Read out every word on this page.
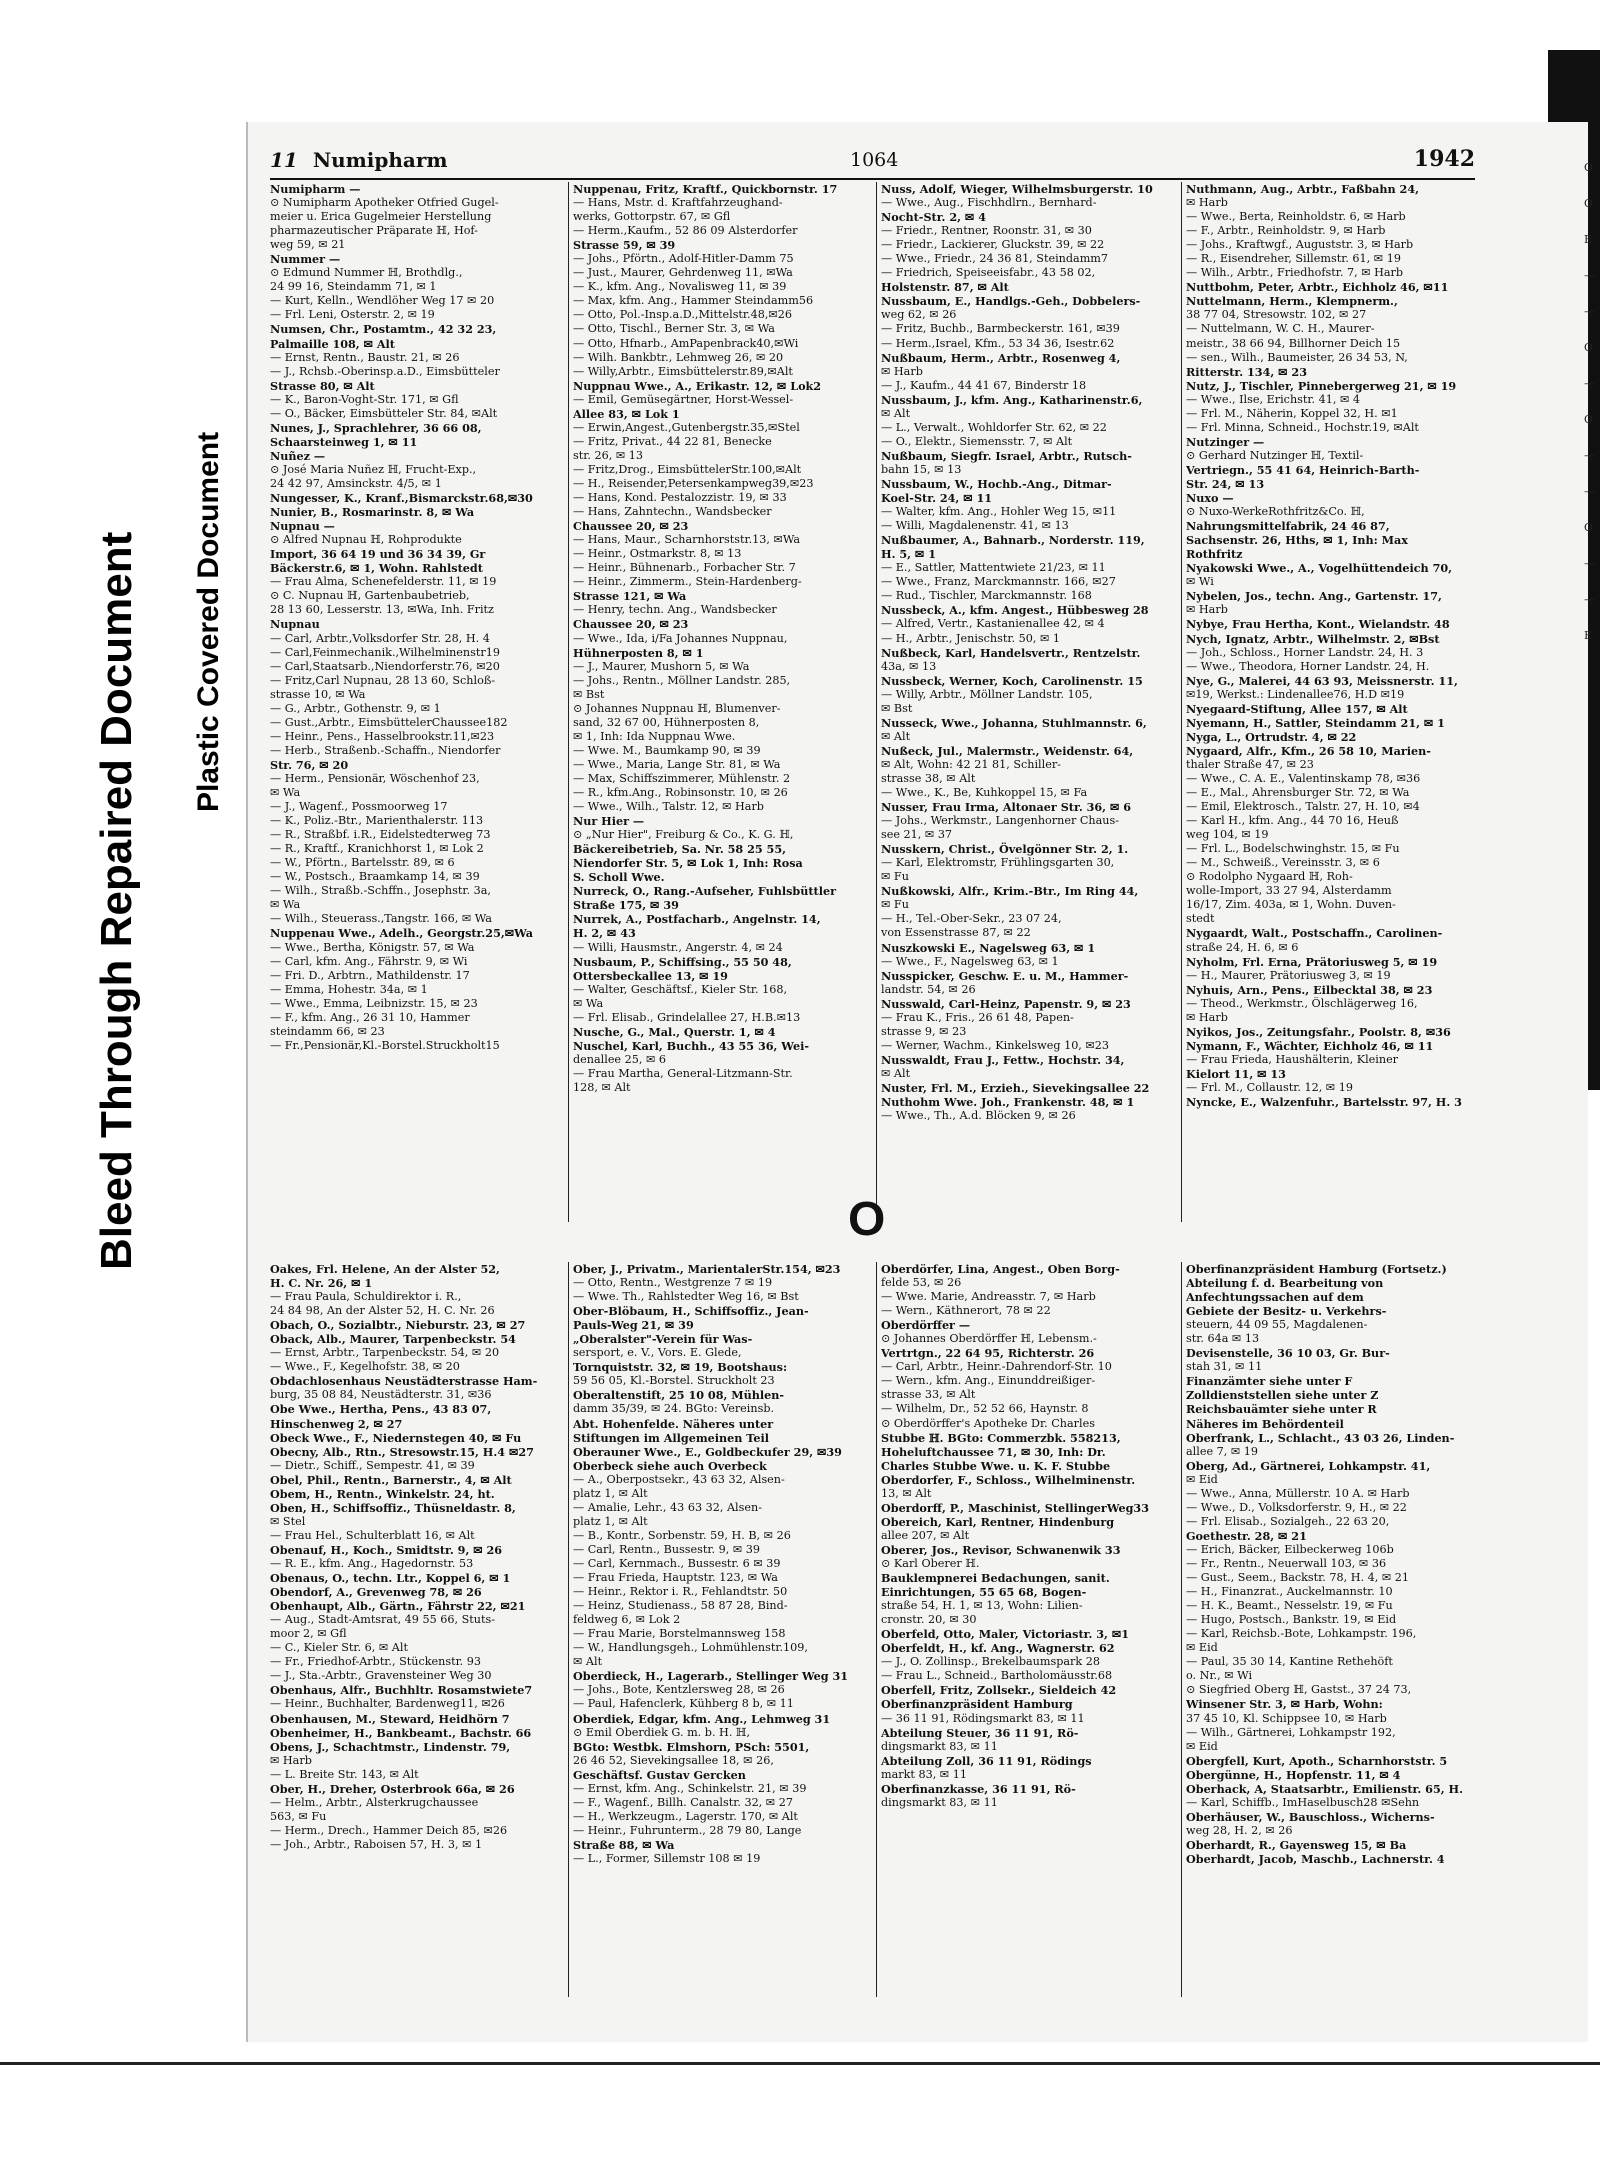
Bleed Through Repaired Document Plastic Covered Document
11 Numipharm	1064	1942
Numipharm —
⊙ Numipharm Apotheker Otfried Gugel-
meier u. Erica Gugelmeier Herstellung
pharmazeutischer Präparate ℍ, Hof-
weg 59, ✉ 21
Nummer —
⊙ Edmund Nummer ℍ, Brothdlg.,
24 99 16, Steindamm 71, ✉ 1
— Kurt, Kelln., Wendlöher Weg 17 ✉ 20
— Frl. Leni, Osterstr. 2, ✉ 19
Numsen, Chr., Postamtm., 42 32 23,
Palmaille 108, ✉ Alt
— Ernst, Rentn., Baustr. 21, ✉ 26
— J., Rchsb.-Oberinsp.a.D., Eimsbütteler
Strasse 80, ✉ Alt
— K., Baron-Voght-Str. 171, ✉ Gfl
— O., Bäcker, Eimsbütteler Str. 84, ✉Alt
Nunes, J., Sprachlehrer, 36 66 08,
Schaarsteinweg 1, ✉ 11
Nuñez —
⊙ José Maria Nuñez ℍ, Frucht-Exp.,
24 42 97, Amsinckstr. 4/5, ✉ 1
Nungesser, K., Kranf.,Bismarckstr.68,✉30
Nunier, B., Rosmarinstr. 8, ✉ Wa
Nupnau —
⊙ Alfred Nupnau ℍ, Rohprodukte
Import, 36 64 19 und 36 34 39, Gr
Bäckerstr.6, ✉ 1, Wohn. Rahlstedt
— Frau Alma, Schenefelderstr. 11, ✉ 19
⊙ C. Nupnau ℍ, Gartenbaubetrieb,
28 13 60, Lesserstr. 13, ✉Wa, Inh. Fritz
Nupnau
— Carl, Arbtr.,Volksdorfer Str. 28, H. 4
— Carl,Feinmechanik.,Wilhelminenstr19
— Carl,Staatsarb.,Niendorferstr.76, ✉20
— Fritz,Carl Nupnau, 28 13 60, Schloß-
strasse 10, ✉ Wa
— G., Arbtr., Gothenstr. 9, ✉ 1
— Gust.,Arbtr., EimsbüttelerChaussee182
— Heinr., Pens., Hasselbrookstr.11,✉23
— Herb., Straßenb.-Schaffn., Niendorfer
Str. 76, ✉ 20
— Herm., Pensionär, Wöschenhof 23,
✉ Wa
— J., Wagenf., Possmoorweg 17
— K., Poliz.-Btr., Marienthalerstr. 113
— R., Straßbf. i.R., Eidelstedterweg 73
— R., Kraftf., Kranichhorst 1, ✉ Lok 2
— W., Pförtn., Bartelsstr. 89, ✉ 6
— W., Postsch., Braamkamp 14, ✉ 39
— Wilh., Straßb.-Schffn., Josephstr. 3a,
✉ Wa
— Wilh., Steuerass.,Tangstr. 166, ✉ Wa
Nuppenau Wwe., Adelh., Georgstr.25,✉Wa
— Wwe., Bertha, Königstr. 57, ✉ Wa
— Carl, kfm. Ang., Fährstr. 9, ✉ Wi
— Fri. D., Arbtrn., Mathildenstr. 17
— Emma, Hohestr. 34a, ✉ 1
— Wwe., Emma, Leibnizstr. 15, ✉ 23
— F., kfm. Ang., 26 31 10, Hammer
steindamm 66, ✉ 23
— Fr.,Pensionär,Kl.-Borstel.Struckholt15
Nuppenau, Fritz, Kraftf., Quickbornstr. 17
— Hans, Mstr. d. Kraftfahrzeughand-
werks, Gottorpstr. 67, ✉ Gfl
— Herm.,Kaufm., 52 86 09 Alsterdorfer
Strasse 59, ✉ 39
— Johs., Pförtn., Adolf-Hitler-Damm 75
— Just., Maurer, Gehrdenweg 11, ✉Wa
— K., kfm. Ang., Novalisweg 11, ✉ 39
— Max, kfm. Ang., Hammer Steindamm56
— Otto, Pol.-Insp.a.D.,Mittelstr.48,✉26
— Otto, Tischl., Berner Str. 3, ✉ Wa
— Otto, Hfnarb., AmPapenbrack40,✉Wi
— Wilh. Bankbtr., Lehmweg 26, ✉ 20
— Willy,Arbtr., Eimsbüttelerstr.89,✉Alt
Nuppnau Wwe., A., Erikastr. 12, ✉ Lok2
— Emil, Gemüsegärtner, Horst-Wessel-
Allee 83, ✉ Lok 1
— Erwin,Angest.,Gutenbergstr.35,✉Stel
— Fritz, Privat., 44 22 81, Benecke
str. 26, ✉ 13
— Fritz,Drog., EimsbüttelerStr.100,✉Alt
— H., Reisender,Petersenkampweg39,✉23
— Hans, Kond. Pestalozzistr. 19, ✉ 33
— Hans, Zahntechn., Wandsbecker
Chaussee 20, ✉ 23
— Hans, Maur., Scharnhorststr.13, ✉Wa
— Heinr., Ostmarkstr. 8, ✉ 13
— Heinr., Bühnenarb., Forbacher Str. 7
— Heinr., Zimmerm., Stein-Hardenberg-
Strasse 121, ✉ Wa
— Henry, techn. Ang., Wandsbecker
Chaussee 20, ✉ 23
— Wwe., Ida, i/Fa Johannes Nuppnau,
Hühnerposten 8, ✉ 1
— J., Maurer, Mushorn 5, ✉ Wa
— Johs., Rentn., Möllner Landstr. 285,
✉ Bst
⊙ Johannes Nuppnau ℍ, Blumenver-
sand, 32 67 00, Hühnerposten 8,
✉ 1, Inh: Ida Nuppnau Wwe.
— Wwe. M., Baumkamp 90, ✉ 39
— Wwe., Maria, Lange Str. 81, ✉ Wa
— Max, Schiffszimmerer, Mühlenstr. 2
— R., kfm.Ang., Robinsonstr. 10, ✉ 26
— Wwe., Wilh., Talstr. 12, ✉ Harb
Nur Hier —
⊙ „Nur Hier", Freiburg & Co., K. G. ℍ,
Bäckereibetrieb, Sa. Nr. 58 25 55,
Niendorfer Str. 5, ✉ Lok 1, Inh: Rosa
S. Scholl Wwe.
Nurreck, O., Rang.-Aufseher, Fuhlsbüttler
Straße 175, ✉ 39
Nurrek, A., Postfacharb., Angelnstr. 14,
H. 2, ✉ 43
— Willi, Hausmstr., Angerstr. 4, ✉ 24
Nusbaum, P., Schiffsing., 55 50 48,
Ottersbeckallee 13, ✉ 19
— Walter, Geschäftsf., Kieler Str. 168,
✉ Wa
— Frl. Elisab., Grindelallee 27, H.B.✉13
Nusche, G., Mal., Querstr. 1, ✉ 4
Nuschel, Karl, Buchh., 43 55 36, Wei-
denallee 25, ✉ 6
— Frau Martha, General-Litzmann-Str.
128, ✉ Alt
Nuss, Adolf, Wieger, Wilhelmsburgerstr. 10
— Wwe., Aug., Fischhdlrn., Bernhard-
Nocht-Str. 2, ✉ 4
— Friedr., Rentner, Roonstr. 31, ✉ 30
— Friedr., Lackierer, Gluckstr. 39, ✉ 22
— Wwe., Friedr., 24 36 81, Steindamm7
— Friedrich, Speiseeisfabr., 43 58 02,
Holstenstr. 87, ✉ Alt
Nussbaum, E., Handlgs.-Geh., Dobbelers-
weg 62, ✉ 26
— Fritz, Buchb., Barmbeckerstr. 161, ✉39
— Herm.,Israel, Kfm., 53 34 36, Isestr.62
Nußbaum, Herm., Arbtr., Rosenweg 4,
✉ Harb
— J., Kaufm., 44 41 67, Binderstr 18
Nussbaum, J., kfm. Ang., Katharinenstr.6,
✉ Alt
— L., Verwalt., Wohldorfer Str. 62, ✉ 22
— O., Elektr., Siemensstr. 7, ✉ Alt
Nußbaum, Siegfr. Israel, Arbtr., Rutsch-
bahn 15, ✉ 13
Nussbaum, W., Hochb.-Ang., Ditmar-
Koel-Str. 24, ✉ 11
— Walter, kfm. Ang., Hohler Weg 15, ✉11
— Willi, Magdalenenstr. 41, ✉ 13
Nußbaumer, A., Bahnarb., Norderstr. 119,
H. 5, ✉ 1
— E., Sattler, Mattentwiete 21/23, ✉ 11
— Wwe., Franz, Marckmannstr. 166, ✉27
— Rud., Tischler, Marckmannstr. 168
Nussbeck, A., kfm. Angest., Hübbesweg 28
— Alfred, Vertr., Kastanienallee 42, ✉ 4
— H., Arbtr., Jenischstr. 50, ✉ 1
Nußbeck, Karl, Handelsvertr., Rentzelstr.
43a, ✉ 13
Nussbeck, Werner, Koch, Carolinenstr. 15
— Willy, Arbtr., Möllner Landstr. 105,
✉ Bst
Nusseck, Wwe., Johanna, Stuhlmannstr. 6,
✉ Alt
Nußeck, Jul., Malermstr., Weidenstr. 64,
✉ Alt, Wohn: 42 21 81, Schiller-
strasse 38, ✉ Alt
— Wwe., K., Be, Kuhkoppel 15, ✉ Fa
Nusser, Frau Irma, Altonaer Str. 36, ✉ 6
— Johs., Werkmstr., Langenhorner Chaus-
see 21, ✉ 37
Nusskern, Christ., Övelgönner Str. 2, 1.
— Karl, Elektromstr, Frühlingsgarten 30,
✉ Fu
Nußkowski, Alfr., Krim.-Btr., Im Ring 44,
✉ Fu
— H., Tel.-Ober-Sekr., 23 07 24,
von Essenstrasse 87, ✉ 22
Nuszkowski E., Nagelsweg 63, ✉ 1
— Wwe., F., Nagelsweg 63, ✉ 1
Nusspicker, Geschw. E. u. M., Hammer-
landstr. 54, ✉ 26
Nusswald, Carl-Heinz, Papenstr. 9, ✉ 23
— Frau K., Fris., 26 61 48, Papen-
strasse 9, ✉ 23
— Werner, Wachm., Kinkelsweg 10, ✉23
Nusswaldt, Frau J., Fettw., Hochstr. 34,
✉ Alt
Nuster, Frl. M., Erzieh., Sievekingsallee 22
Nuthohm Wwe. Joh., Frankenstr. 48, ✉ 1
— Wwe., Th., A.d. Blöcken 9, ✉ 26
Nuthmann, Aug., Arbtr., Faßbahn 24,
✉ Harb
— Wwe., Berta, Reinholdstr. 6, ✉ Harb
— F., Arbtr., Reinholdstr. 9, ✉ Harb
— Johs., Kraftwgf., Auguststr. 3, ✉ Harb
— R., Eisendreher, Sillemstr. 61, ✉ 19
— Wilh., Arbtr., Friedhofstr. 7, ✉ Harb
Nuttbohm, Peter, Arbtr., Eichholz 46, ✉11
Nuttelmann, Herm., Klempnerm.,
38 77 04, Stresowstr. 102, ✉ 27
— Nuttelmann, W. C. H., Maurer-
meistr., 38 66 94, Billhorner Deich 15
— sen., Wilh., Baumeister, 26 34 53, N,
Ritterstr. 134, ✉ 23
Nutz, J., Tischler, Pinnebergerweg 21, ✉ 19
— Wwe., Ilse, Erichstr. 41, ✉ 4
— Frl. M., Näherin, Koppel 32, H. ✉1
— Frl. Minna, Schneid., Hochstr.19, ✉Alt
Nutzinger —
⊙ Gerhard Nutzinger ℍ, Textil-
Vertriegn., 55 41 64, Heinrich-Barth-
Str. 24, ✉ 13
Nuxo —
⊙ Nuxo-WerkeRothfritz&Co. ℍ,
Nahrungsmittelfabrik, 24 46 87,
Sachsenstr. 26, Hths, ✉ 1, Inh: Max
Rothfritz
Nyakowski Wwe., A., Vogelhüttendeich 70,
✉ Wi
Nybelen, Jos., techn. Ang., Gartenstr. 17,
✉ Harb
Nybye, Frau Hertha, Kont., Wielandstr. 48
Nych, Ignatz, Arbtr., Wilhelmstr. 2, ✉Bst
— Joh., Schloss., Horner Landstr. 24, H. 3
— Wwe., Theodora, Horner Landstr. 24, H.
Nye, G., Malerei, 44 63 93, Meissnerstr. 11,
✉19, Werkst.: Lindenallee76, H.D ✉19
Nyegaard-Stiftung, Allee 157, ✉ Alt
Nyemann, H., Sattler, Steindamm 21, ✉ 1
Nyga, L., Ortrudstr. 4, ✉ 22
Nygaard, Alfr., Kfm., 26 58 10, Marien-
thaler Straße 47, ✉ 23
— Wwe., C. A. E., Valentinskamp 78, ✉36
— E., Mal., Ahrensburger Str. 72, ✉ Wa
— Emil, Elektrosch., Talstr. 27, H. 10, ✉4
— Karl H., kfm. Ang., 44 70 16, Heuß
weg 104, ✉ 19
— Frl. L., Bodelschwinghstr. 15, ✉ Fu
— M., Schweiß., Vereinsstr. 3, ✉ 6
⊙ Rodolpho Nygaard ℍ, Roh-
wolle-Import, 33 27 94, Alsterdamm
16/17, Zim. 403a, ✉ 1, Wohn. Duven-
stedt
Nygaardt, Walt., Postschaffn., Carolinen-
straße 24, H. 6, ✉ 6
Nyholm, Frl. Erna, Prätoriusweg 5, ✉ 19
— H., Maurer, Prätoriusweg 3, ✉ 19
Nyhuis, Arn., Pens., Eilbecktal 38, ✉ 23
— Theod., Werkmstr., Ölschlägerweg 16,
✉ Harb
Nyikos, Jos., Zeitungsfahr., Poolstr. 8, ✉36
Nymann, F., Wächter, Eichholz 46, ✉ 11
— Frau Frieda, Haushälterin, Kleiner
Kielort 11, ✉ 13
— Frl. M., Collaustr. 12, ✉ 19
Nyncke, E., Walzenfuhr., Bartelsstr. 97, H. 3
O
Oakes, Frl. Helene, An der Alster 52,
H. C. Nr. 26, ✉ 1
— Frau Paula, Schuldirektor i. R.,
24 84 98, An der Alster 52, H. C. Nr. 26
Obach, O., Sozialbtr., Nieburstr. 23, ✉ 27
Oback, Alb., Maurer, Tarpenbeckstr. 54
— Ernst, Arbtr., Tarpenbeckstr. 54, ✉ 20
— Wwe., F., Kegelhofstr. 38, ✉ 20
Obdachlosenhaus Neustädterstrasse Ham-
burg, 35 08 84, Neustädterstr. 31, ✉36
Obe Wwe., Hertha, Pens., 43 83 07,
Hinschenweg 2, ✉ 27
Obeck Wwe., F., Niedernstegen 40, ✉ Fu
Obecny, Alb., Rtn., Stresowstr.15, H.4 ✉27
— Dietr., Schiff., Sempestr. 41, ✉ 39
Obel, Phil., Rentn., Barnerstr., 4, ✉ Alt
Obem, H., Rentn., Winkelstr. 24, ht.
Oben, H., Schiffsoffiz., Thüsneldastr. 8,
✉ Stel
— Frau Hel., Schulterblatt 16, ✉ Alt
Obenauf, H., Koch., Smidtstr. 9, ✉ 26
— R. E., kfm. Ang., Hagedornstr. 53
Obenaus, O., techn. Ltr., Koppel 6, ✉ 1
Obendorf, A., Grevenweg 78, ✉ 26
Obenhaupt, Alb., Gärtn., Fährstr 22, ✉21
— Aug., Stadt-Amtsrat, 49 55 66, Stuts-
moor 2, ✉ Gfl
— C., Kieler Str. 6, ✉ Alt
— Fr., Friedhof-Arbtr., Stückenstr. 93
— J., Sta.-Arbtr., Gravensteiner Weg 30
Obenhaus, Alfr., Buchhltr. Rosamstwiete7
— Heinr., Buchhalter, Bardenweg11, ✉26
Obenhausen, M., Steward, Heidhörn 7
Obenheimer, H., Bankbeamt., Bachstr. 66
Obens, J., Schachtmstr., Lindenstr. 79,
✉ Harb
— L. Breite Str. 143, ✉ Alt
Ober, H., Dreher, Osterbrook 66a, ✉ 26
— Helm., Arbtr., Alsterkrugchaussee
563, ✉ Fu
— Herm., Drech., Hammer Deich 85, ✉26
— Joh., Arbtr., Raboisen 57, H. 3, ✉ 1
Ober, J., Privatm., MarientalerStr.154, ✉23
— Otto, Rentn., Westgrenze 7 ✉ 19
— Wwe. Th., Rahlstedter Weg 16, ✉ Bst
Ober-Blöbaum, H., Schiffsoffiz., Jean-
Pauls-Weg 21, ✉ 39
„Oberalster"-Verein für Was-
sersport, e. V., Vors. E. Glede,
Tornquiststr. 32, ✉ 19, Bootshaus:
59 56 05, Kl.-Borstel. Struckholt 23
Oberaltenstift, 25 10 08, Mühlen-
damm 35/39, ✉ 24. BGto: Vereinsb.
Abt. Hohenfelde. Näheres unter
Stiftungen im Allgemeinen Teil
Oberauner Wwe., E., Goldbeckufer 29, ✉39
Oberbeck siehe auch Overbeck
— A., Oberpostsekr., 43 63 32, Alsen-
platz 1, ✉ Alt
— Amalie, Lehr., 43 63 32, Alsen-
platz 1, ✉ Alt
— B., Kontr., Sorbenstr. 59, H. B, ✉ 26
— Carl, Rentn., Bussestr. 9, ✉ 39
— Carl, Kernmach., Bussestr. 6 ✉ 39
— Frau Frieda, Hauptstr. 123, ✉ Wa
— Heinr., Rektor i. R., Fehlandtstr. 50
— Heinz, Studienass., 58 87 28, Bind-
feldweg 6, ✉ Lok 2
— Frau Marie, Borstelmannsweg 158
— W., Handlungsgeh., Lohmühlenstr.109,
✉ Alt
Oberdieck, H., Lagerarb., Stellinger Weg 31
— Johs., Bote, Kentzlersweg 28, ✉ 26
— Paul, Hafenclerk, Kühberg 8 b, ✉ 11
Oberdiek, Edgar, kfm. Ang., Lehmweg 31
⊙ Emil Oberdiek G. m. b. H. ℍ,
BGto: Westbk. Elmshorn, PSch: 5501,
26 46 52, Sievekingsallee 18, ✉ 26,
Geschäftsf. Gustav Gercken
— Ernst, kfm. Ang., Schinkelstr. 21, ✉ 39
— F., Wagenf., Billh. Canalstr. 32, ✉ 27
— H., Werkzeugm., Lagerstr. 170, ✉ Alt
— Heinr., Fuhrunterm., 28 79 80, Lange
Straße 88, ✉ Wa
— L., Former, Sillemstr 108 ✉ 19
Oberdörfer, Lina, Angest., Oben Borg-
felde 53, ✉ 26
— Wwe. Marie, Andreasstr. 7, ✉ Harb
— Wern., Käthnerort, 78 ✉ 22
Oberdörffer —
⊙ Johannes Oberdörffer ℍ, Lebensm.-
Vertrtgn., 22 64 95, Richterstr. 26
— Carl, Arbtr., Heinr.-Dahrendorf-Str. 10
— Wern., kfm. Ang., Einunddreißiger-
strasse 33, ✉ Alt
— Wilhelm, Dr., 52 52 66, Haynstr. 8
⊙ Oberdörffer's Apotheke Dr. Charles
Stubbe ℍ. BGto: Commerzbk. 558213,
Hoheluftchaussee 71, ✉ 30, Inh: Dr.
Charles Stubbe Wwe. u. K. F. Stubbe
Oberdorfer, F., Schloss., Wilhelminenstr.
13, ✉ Alt
Oberdorff, P., Maschinist, StellingerWeg33
Obereich, Karl, Rentner, Hindenburg
allee 207, ✉ Alt
Oberer, Jos., Revisor, Schwanenwik 33
⊙ Karl Oberer ℍ.
Bauklempnerei Bedachungen, sanit.
Einrichtungen, 55 65 68, Bogen-
straße 54, H. 1, ✉ 13, Wohn: Lilien-
cronstr. 20, ✉ 30
Oberfeld, Otto, Maler, Victoriastr. 3, ✉1
Oberfeldt, H., kf. Ang., Wagnerstr. 62
— J., O. Zollinsp., Brekelbaumspark 28
— Frau L., Schneid., Bartholomäusstr.68
Oberfell, Fritz, Zollsekr., Sieldeich 42
Oberfinanzpräsident Hamburg
— 36 11 91, Rödingsmarkt 83, ✉ 11
Abteilung Steuer, 36 11 91, Rö-
dingsmarkt 83, ✉ 11
Abteilung Zoll, 36 11 91, Rödings
markt 83, ✉ 11
Oberfinanzkasse, 36 11 91, Rö-
dingsmarkt 83, ✉ 11
Oberfinanzpräsident Hamburg (Fortsetz.)
Abteilung f. d. Bearbeitung von
Anfechtungssachen auf dem
Gebiete der Besitz- u. Verkehrs-
steuern, 44 09 55, Magdalenen-
str. 64a ✉ 13
Devisenstelle, 36 10 03, Gr. Bur-
stah 31, ✉ 11
Finanzämter siehe unter F
Zolldienststellen siehe unter Z
Reichsbauämter siehe unter R
Näheres im Behördenteil
Oberfrank, L., Schlacht., 43 03 26, Linden-
allee 7, ✉ 19
Oberg, Ad., Gärtnerei, Lohkampstr. 41,
✉ Eid
— Wwe., Anna, Müllerstr. 10 A. ✉ Harb
— Wwe., D., Volksdorferstr. 9, H., ✉ 22
— Frl. Elisab., Sozialgeh., 22 63 20,
Goethestr. 28, ✉ 21
— Erich, Bäcker, Eilbeckerweg 106b
— Fr., Rentn., Neuerwall 103, ✉ 36
— Gust., Seem., Backstr. 78, H. 4, ✉ 21
— H., Finanzrat., Auckelmannstr. 10
— H. K., Beamt., Nesselstr. 19, ✉ Fu
— Hugo, Postsch., Bankstr. 19, ✉ Eid
— Karl, Reichsb.-Bote, Lohkampstr. 196,
✉ Eid
— Paul, 35 30 14, Kantine Rethehöft
o. Nr., ✉ Wi
⊙ Siegfried Oberg ℍ, Gastst., 37 24 73,
Winsener Str. 3, ✉ Harb, Wohn:
37 45 10, Kl. Schippsee 10, ✉ Harb
— Wilh., Gärtnerei, Lohkampstr 192,
✉ Eid
Obergfell, Kurt, Apoth., Scharnhorststr. 5
Obergünne, H., Hopfenstr. 11, ✉ 4
Oberhack, A, Staatsarbtr., Emilienstr. 65, H.
— Karl, Schiffb., ImHaselbusch28 ✉Sehn
Oberhäuser, W., Bauschloss., Wicherns-
weg 28, H. 2, ✉ 26
Oberhardt, R., Gayensweg 15, ✉ Ba
Oberhardt, Jacob, Maschb., Lachnerstr. 4
O
O
E
—
—
O
—
O
—
—
O
—
—
E
